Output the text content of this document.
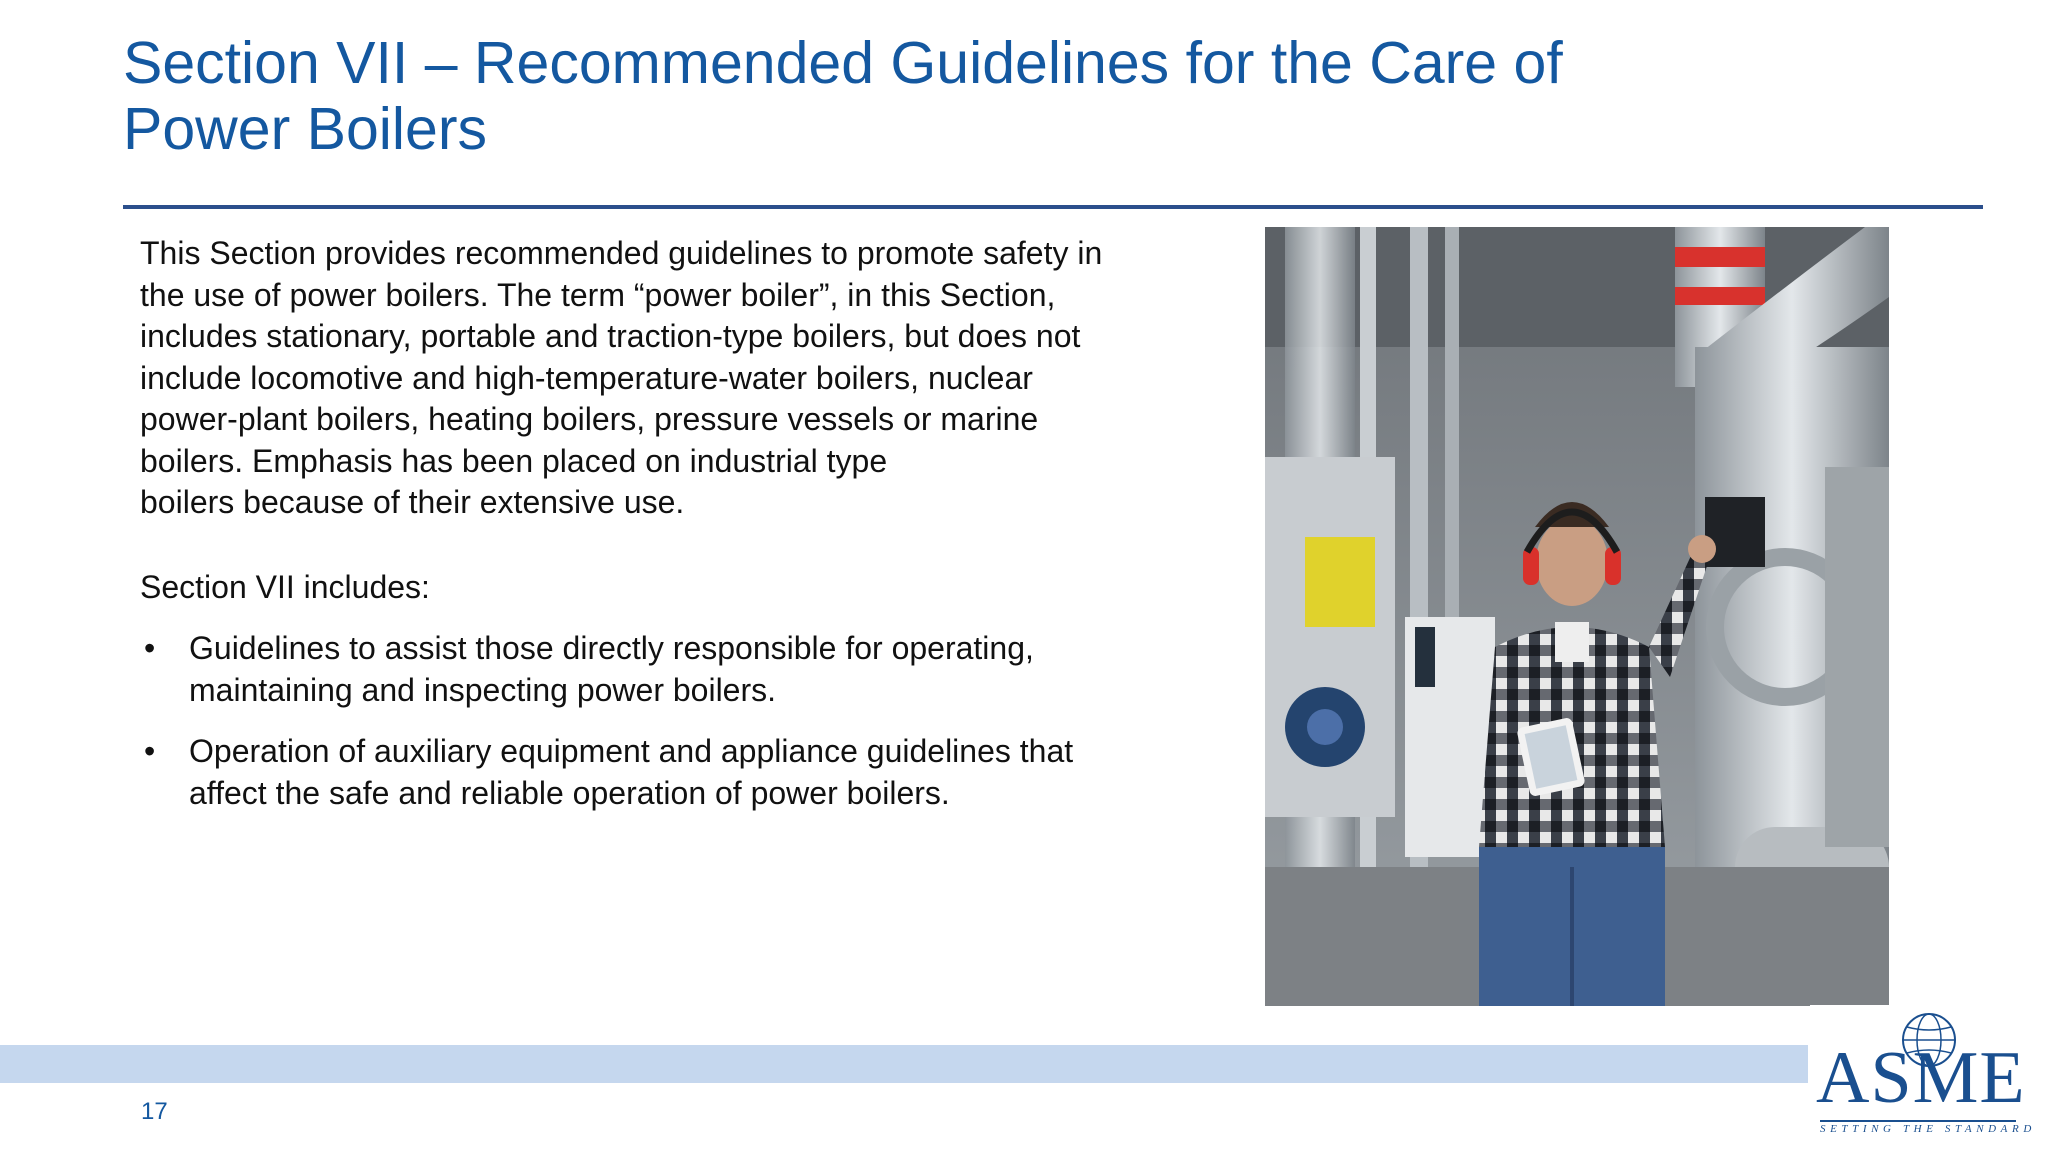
Section VII – Recommended Guidelines for the Care of
Power Boilers
This Section provides recommended guidelines to promote safety in
the use of power boilers. The term “power boiler”, in this Section,
includes stationary, portable and traction-type boilers, but does not
include locomotive and high-temperature-water boilers, nuclear
power-plant boilers, heating boilers, pressure vessels or marine
boilers. Emphasis has been placed on industrial type
boilers because of their extensive use.
Section VII includes:
• Guidelines to assist those directly responsible for operating,
maintaining and inspecting power boilers.
• Operation of auxiliary equipment and appliance guidelines that
affect the safe and reliable operation of power boilers.
17	ASME
SETTING THE STANDARD
